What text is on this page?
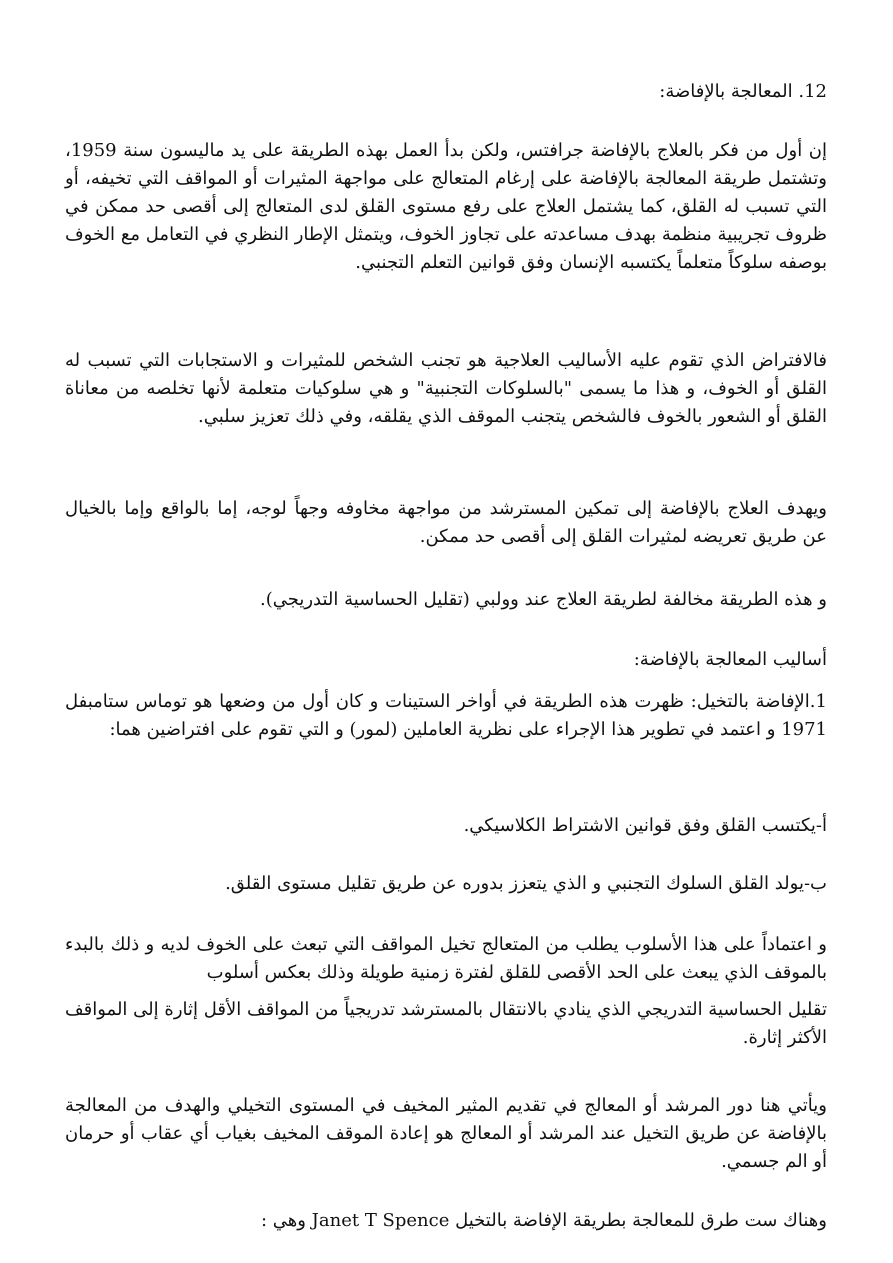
12. المعالجة بالإفاضة:

إن أول من فكر بالعلاج بالإفاضة جرافتس، ولكن بدأ العمل بهذه الطريقة على يد ماليسون سنة 1959، وتشتمل طريقة المعالجة بالإفاضة على إرغام المتعالج على مواجهة المثيرات أو المواقف التي تخيفه، أو التي تسبب له القلق، كما يشتمل العلاج على رفع مستوى القلق لدى المتعالج إلى أقصى حد ممكن في ظروف تجريبية منظمة بهدف مساعدته على تجاوز الخوف، ويتمثل الإطار النظري في التعامل مع الخوف بوصفه سلوكاً متعلماً يكتسبه الإنسان وفق قوانين التعلم التجنبي.

فالافتراض الذي تقوم عليه الأساليب العلاجية هو تجنب الشخص للمثيرات و الاستجابات التي تسبب له القلق أو الخوف، و هذا ما يسمى "بالسلوكات التجنبية" و هي سلوكيات متعلمة لأنها تخلصه من معاناة القلق أو الشعور بالخوف فالشخص يتجنب الموقف الذي يقلقه، وفي ذلك تعزيز سلبي.

ويهدف العلاج بالإفاضة إلى تمكين المسترشد من مواجهة مخاوفه وجهاً لوجه، إما بالواقع وإما بالخيال عن طريق تعريضه لمثيرات القلق إلى أقصى حد ممكن.

و هذه الطريقة مخالفة لطريقة العلاج عند وولبي (تقليل الحساسية التدريجي).

أساليب المعالجة بالإفاضة:

1.الإفاضة بالتخيل: ظهرت هذه الطريقة في أواخر الستينات و كان أول من وضعها هو توماس ستامبفل 1971 و اعتمد في تطوير هذا الإجراء على نظرية العاملين (لمور) و التي تقوم على افتراضين هما:

أ-يكتسب القلق وفق قوانين الاشتراط الكلاسيكي.

ب-يولد القلق السلوك التجنبي و الذي يتعزز بدوره عن طريق تقليل مستوى القلق.

و اعتماداً على هذا الأسلوب يطلب من المتعالج تخيل المواقف التي تبعث على الخوف لديه و ذلك بالبدء بالموقف الذي يبعث على الحد الأقصى للقلق لفترة زمنية طويلة وذلك بعكس أسلوب

تقليل الحساسية التدريجي الذي ينادي بالانتقال بالمسترشد تدريجياً من المواقف الأقل إثارة إلى المواقف الأكثر إثارة.

ويأتي هنا دور المرشد أو المعالج في تقديم المثير المخيف في المستوى التخيلي والهدف من المعالجة بالإفاضة عن طريق التخيل عند المرشد أو المعالج هو إعادة الموقف المخيف بغياب أي عقاب أو حرمان أو الم جسمي.

وهناك ست طرق للمعالجة بطريقة الإفاضة بالتخيل Janet T Spence وهي :
